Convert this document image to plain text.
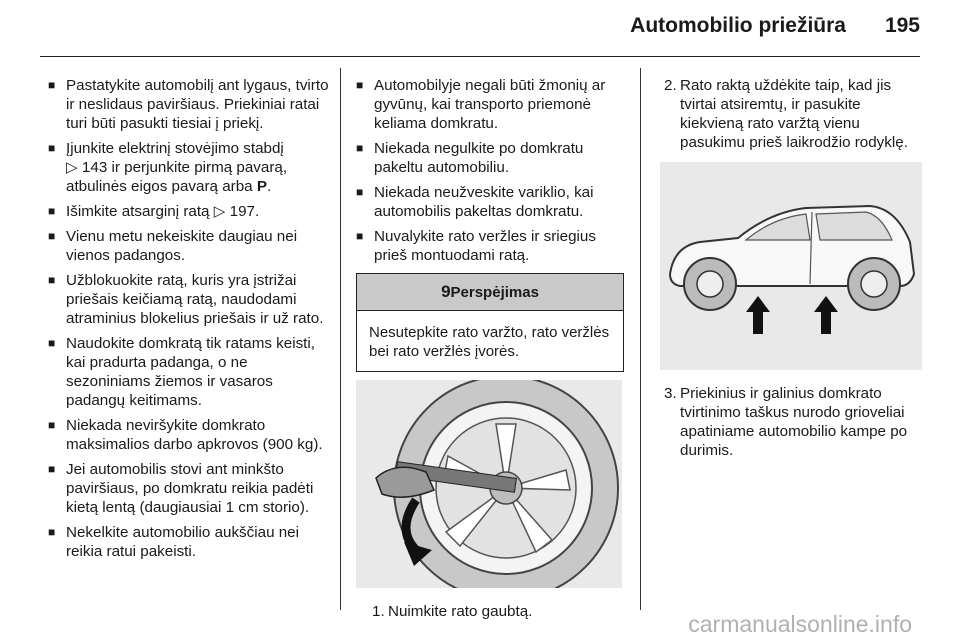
Automobilio priežiūra 195
■ Pastatykite automobilį ant lygaus, tvirto ir neslidaus paviršiaus. Priekiniai ratai turi būti pasukti tiesiai į priekį.
■ Įjunkite elektrinį stovėjimo stabdį
▷ 143 ir perjunkite pirmą pavarą, atbulinės eigos pavarą arba P.
■ Išimkite atsarginį ratą ▷ 197.
■ Vienu metu nekeiskite daugiau nei vienos padangos.
■ Užblokuokite ratą, kuris yra įstrižai priešais keičiamą ratą, naudodami atraminius blokelius priešais ir už rato.
■ Naudokite domkratą tik ratams keisti, kai pradurta padanga, o ne sezoniniams žiemos ir vasaros padangų keitimams.
■ Niekada neviršykite domkrato maksimalios darbo apkrovos (900 kg).
■ Jei automobilis stovi ant minkšto paviršiaus, po domkratu reikia padėti kietą lentą (daugiausiai 1 cm storio).
■ Nekelkite automobilio aukščiau nei reikia ratui pakeisti.
■ Automobilyje negali būti žmonių ar gyvūnų, kai transporto priemonė keliama domkratu.
■ Niekada negulkite po domkratu pakeltu automobiliu.
■ Niekada neužveskite variklio, kai automobilis pakeltas domkratu.
■ Nuvalykite rato veržles ir sriegius prieš montuodami ratą.
9Perspėjimas
Nesutepkite rato varžto, rato veržlės bei rato veržlės įvorės.
1. Nuimkite rato gaubtą.
2. Rato raktą uždėkite taip, kad jis tvirtai atsiremtų, ir pasukite kiekvieną rato varžtą vienu pasukimu prieš laikrodžio rodyklę.
3. Priekinius ir galinius domkrato tvirtinimo taškus nurodo grioveliai apatiniame automobilio kampe po durimis.
carmanualsonline.info
